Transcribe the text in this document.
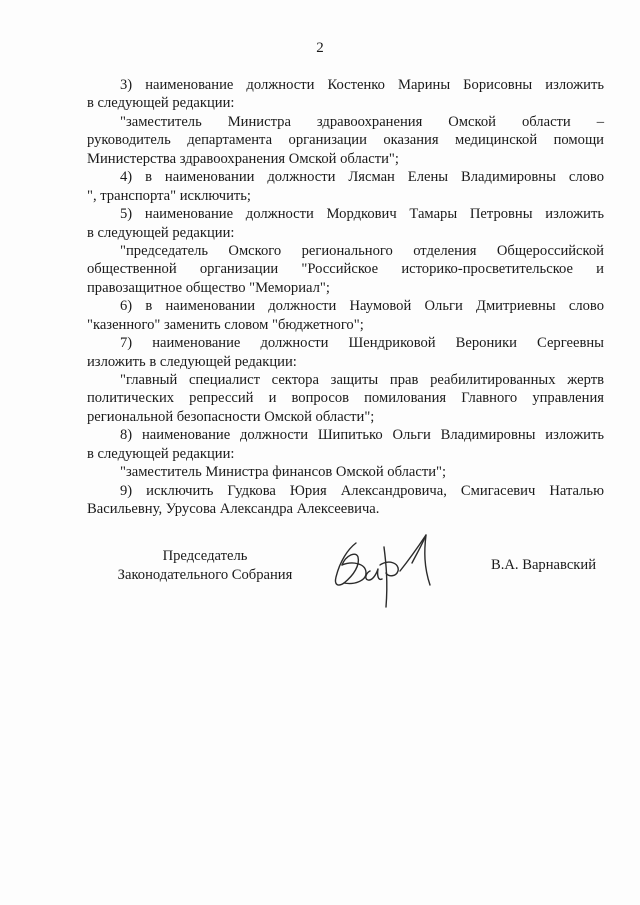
2
3) наименование должности Костенко Марины Борисовны изложить
в следующей редакции:
"заместитель Министра здравоохранения Омской области –
руководитель департамента организации оказания медицинской помощи
Министерства здравоохранения Омской области";
4) в наименовании должности Лясман Елены Владимировны слово
", транспорта" исключить;
5) наименование должности Мордкович Тамары Петровны изложить
в следующей редакции:
"председатель Омского регионального отделения Общероссийской
общественной организации "Российское историко-просветительское и
правозащитное общество "Мемориал";
6) в наименовании должности Наумовой Ольги Дмитриевны слово
"казенного" заменить словом "бюджетного";
7) наименование должности Шендриковой Вероники Сергеевны
изложить в следующей редакции:
"главный специалист сектора защиты прав реабилитированных жертв
политических репрессий и вопросов помилования Главного управления
региональной безопасности Омской области";
8) наименование должности Шипитько Ольги Владимировны изложить
в следующей редакции:
"заместитель Министра финансов Омской области";
9) исключить Гудкова Юрия Александровича, Смигасевич Наталью
Васильевну, Урусова Александра Алексеевича.
Председатель
Законодательного Собрания
В.А. Варнавский
